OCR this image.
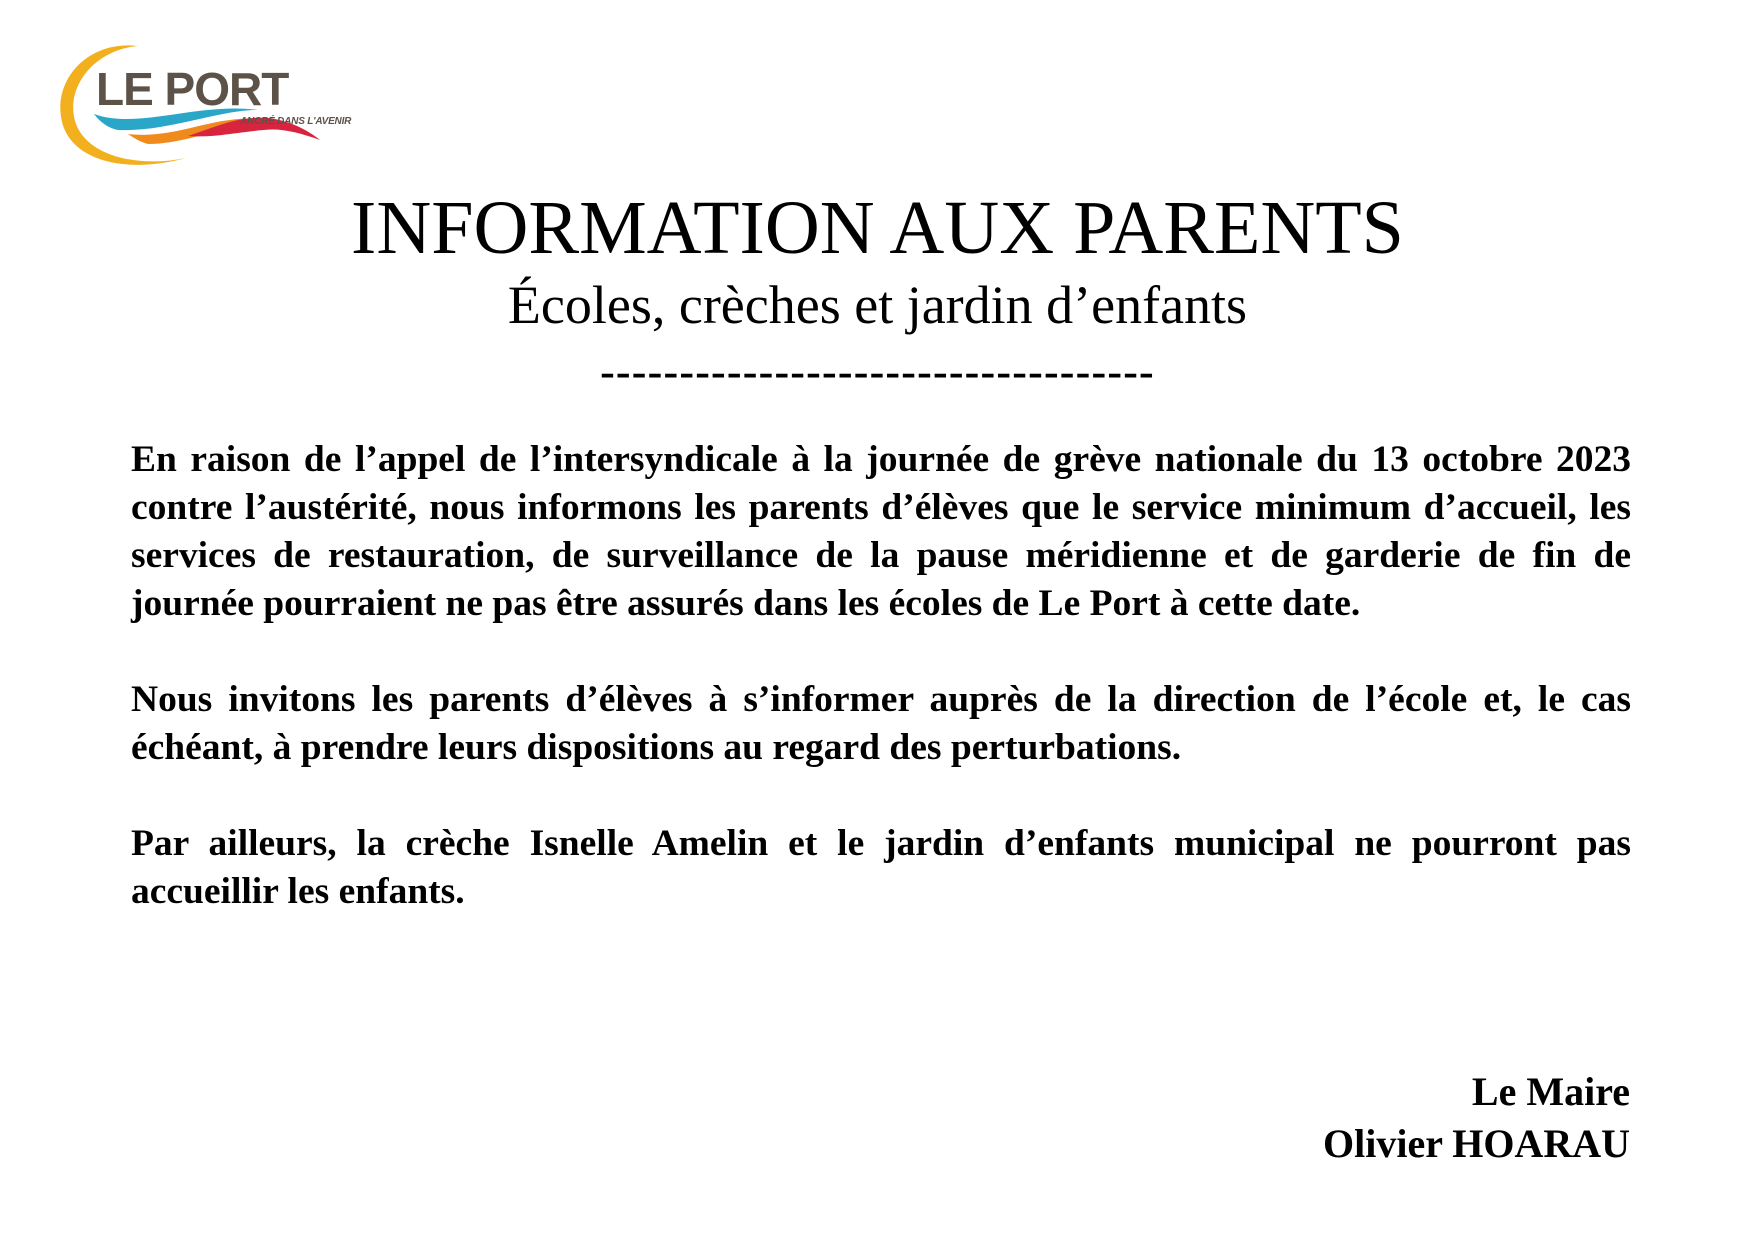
LE PORT
ANCRÉ DANS L'AVENIR
INFORMATION AUX PARENTS
Écoles, crèches et jardin d’enfants
-----------------------------------

En raison de l’appel de l’intersyndicale à la journée de grève nationale du 13 octobre 2023 contre l’austérité, nous informons les parents d’élèves que le service minimum d’accueil, les services de restauration, de surveillance de la pause méridienne et de garderie de fin de journée pourraient ne pas être assurés dans les écoles de Le Port à cette date.

Nous invitons les parents d’élèves à s’informer auprès de la direction de l’école et, le cas échéant, à prendre leurs dispositions au regard des perturbations.

Par ailleurs, la crèche Isnelle Amelin et le jardin d’enfants municipal ne pourront pas accueillir les enfants.

Le Maire
Olivier HOARAU
